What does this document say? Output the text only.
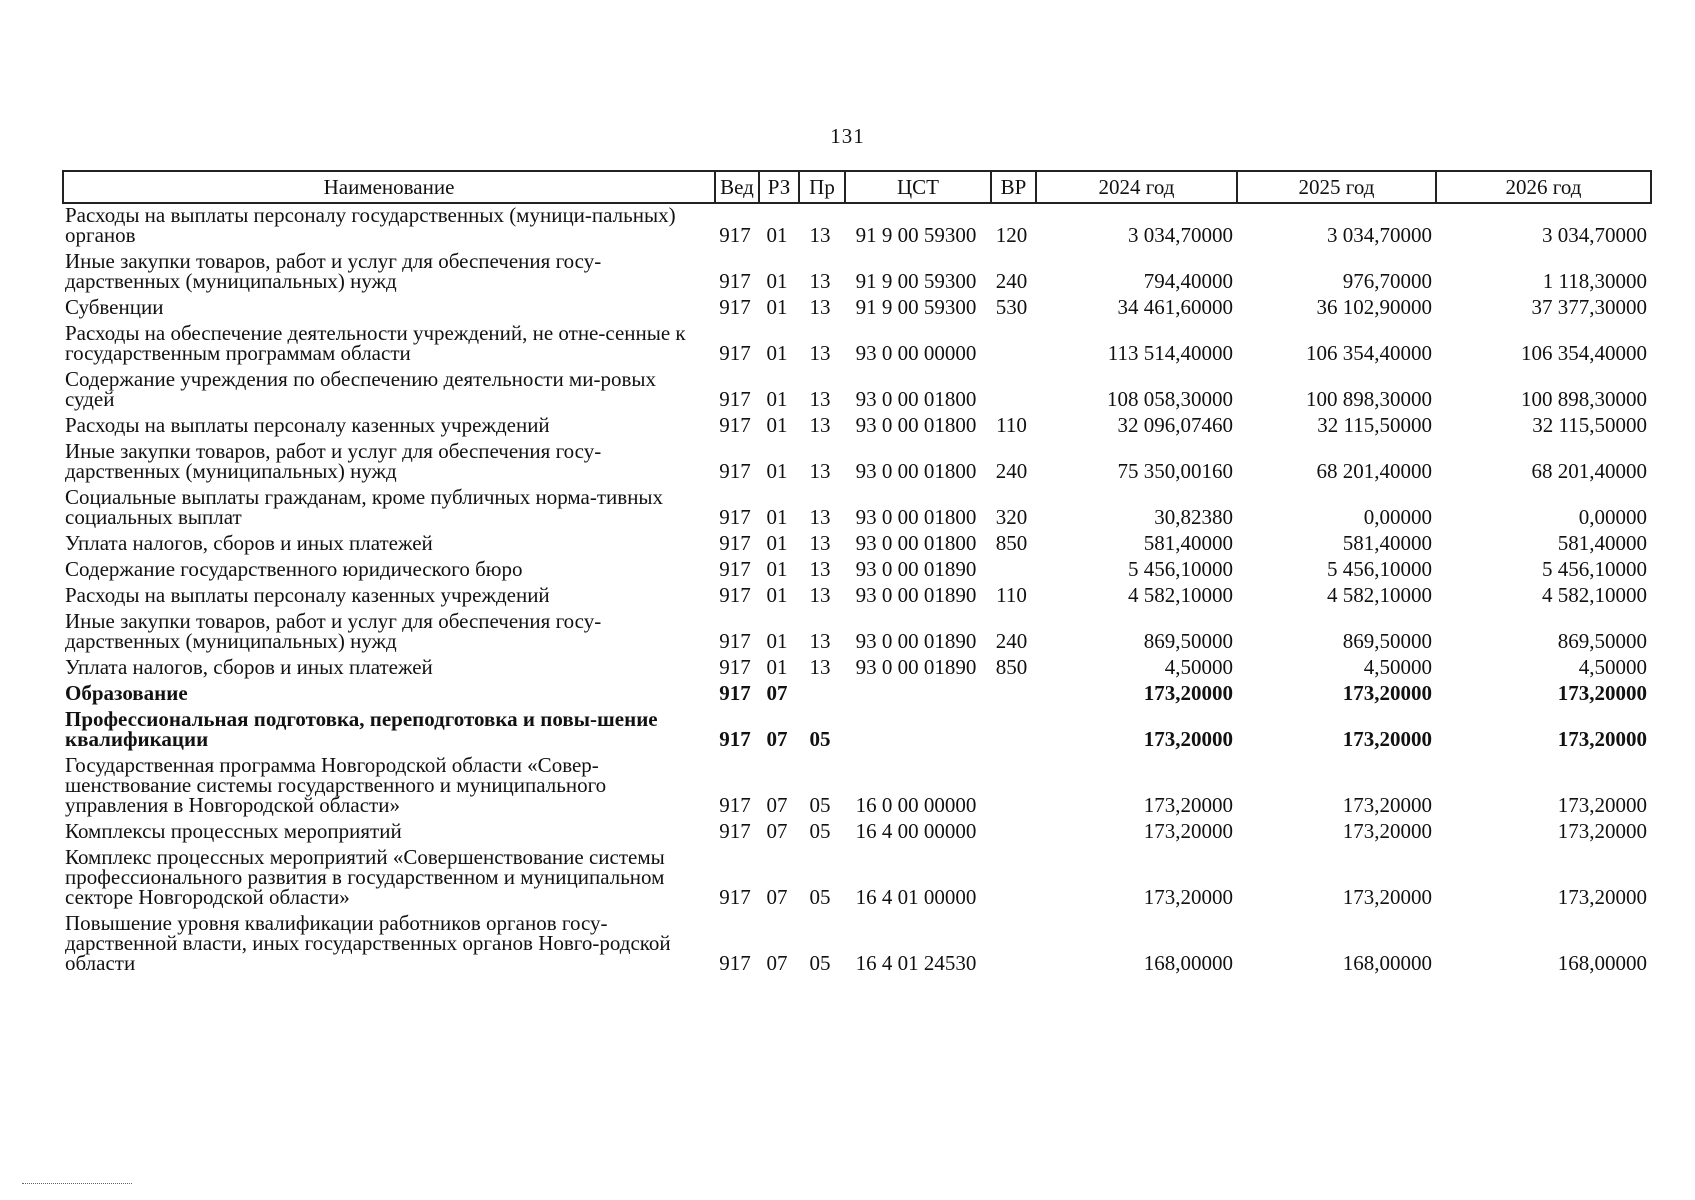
131
Наименование	Вед	РЗ	Пр	ЦСТ	ВР	2024 год	2025 год	2026 год
Расходы на выплаты персоналу государственных (муници-пальных) органов	917	01	13	91 9 00 59300	120	3 034,70000	3 034,70000	3 034,70000
Иные закупки товаров, работ и услуг для обеспечения госу-дарственных (муниципальных) нужд	917	01	13	91 9 00 59300	240	794,40000	976,70000	1 118,30000
Субвенции	917	01	13	91 9 00 59300	530	34 461,60000	36 102,90000	37 377,30000
Расходы на обеспечение деятельности учреждений, не отне-сенные к государственным программам области	917	01	13	93 0 00 00000		113 514,40000	106 354,40000	106 354,40000
Содержание учреждения по обеспечению деятельности ми-ровых судей	917	01	13	93 0 00 01800		108 058,30000	100 898,30000	100 898,30000
Расходы на выплаты персоналу казенных учреждений	917	01	13	93 0 00 01800	110	32 096,07460	32 115,50000	32 115,50000
Иные закупки товаров, работ и услуг для обеспечения госу-дарственных (муниципальных) нужд	917	01	13	93 0 00 01800	240	75 350,00160	68 201,40000	68 201,40000
Социальные выплаты гражданам, кроме публичных норма-тивных социальных выплат	917	01	13	93 0 00 01800	320	30,82380	0,00000	0,00000
Уплата налогов, сборов и иных платежей	917	01	13	93 0 00 01800	850	581,40000	581,40000	581,40000
Содержание государственного юридического бюро	917	01	13	93 0 00 01890		5 456,10000	5 456,10000	5 456,10000
Расходы на выплаты персоналу казенных учреждений	917	01	13	93 0 00 01890	110	4 582,10000	4 582,10000	4 582,10000
Иные закупки товаров, работ и услуг для обеспечения госу-дарственных (муниципальных) нужд	917	01	13	93 0 00 01890	240	869,50000	869,50000	869,50000
Уплата налогов, сборов и иных платежей	917	01	13	93 0 00 01890	850	4,50000	4,50000	4,50000
Образование	917	07				173,20000	173,20000	173,20000
Профессиональная подготовка, переподготовка и повы-шение квалификации	917	07	05			173,20000	173,20000	173,20000
Государственная программа Новгородской области «Совер-шенствование системы государственного и муниципального управления в Новгородской области»	917	07	05	16 0 00 00000		173,20000	173,20000	173,20000
Комплексы процессных мероприятий	917	07	05	16 4 00 00000		173,20000	173,20000	173,20000
Комплекс процессных мероприятий «Совершенствование системы профессионального развития в государственном и муниципальном секторе Новгородской области»	917	07	05	16 4 01 00000		173,20000	173,20000	173,20000
Повышение уровня квалификации работников органов госу-дарственной власти, иных государственных органов Новго-родской области	917	07	05	16 4 01 24530		168,00000	168,00000	168,00000
